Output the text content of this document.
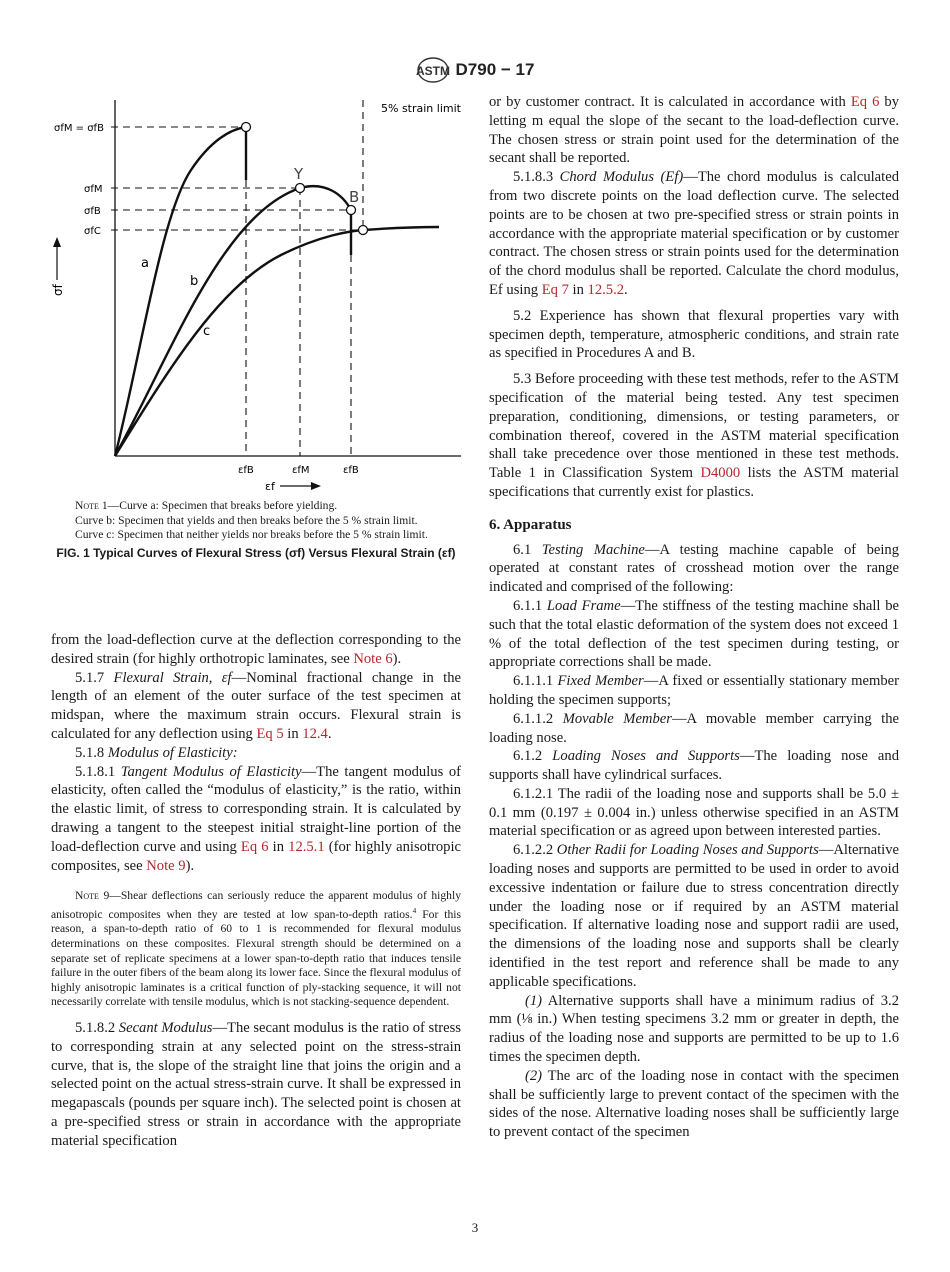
ASTM D790 − 17
σf
εf
5% strain limit
σfM = σfB
σfM
σfB
σfC
εfB	εfM	εfB
a
b
c
Y
B

Note 1—Curve a: Specimen that breaks before yielding.

Curve b: Specimen that yields and then breaks before the 5 % strain limit.

Curve c: Specimen that neither yields nor breaks before the 5 % strain limit.

FIG. 1 Typical Curves of Flexural Stress (σf) Versus Flexural Strain (εf)

from the load-deflection curve at the deflection corresponding to the desired strain (for highly orthotropic laminates, see Note 6).

5.1.7 Flexural Strain, εf—Nominal fractional change in the length of an element of the outer surface of the test specimen at midspan, where the maximum strain occurs. Flexural strain is calculated for any deflection using Eq 5 in 12.4.

5.1.8 Modulus of Elasticity:

5.1.8.1 Tangent Modulus of Elasticity—The tangent modulus of elasticity, often called the “modulus of elasticity,” is the ratio, within the elastic limit, of stress to corresponding strain. It is calculated by drawing a tangent to the steepest initial straight-line portion of the load-deflection curve and using Eq 6 in 12.5.1 (for highly anisotropic composites, see Note 9).

Note 9—Shear deflections can seriously reduce the apparent modulus of highly anisotropic composites when they are tested at low span-to-depth ratios.$^4$ For this reason, a span-to-depth ratio of 60 to 1 is recommended for flexural modulus determinations on these composites. Flexural strength should be determined on a separate set of replicate specimens at a lower span-to-depth ratio that induces tensile failure in the outer fibers of the beam along its lower face. Since the flexural modulus of highly anisotropic laminates is a critical function of ply-stacking sequence, it will not necessarily correlate with tensile modulus, which is not stacking-sequence dependent.

5.1.8.2 Secant Modulus—The secant modulus is the ratio of stress to corresponding strain at any selected point on the stress-strain curve, that is, the slope of the straight line that joins the origin and a selected point on the actual stress-strain curve. It shall be expressed in megapascals (pounds per square inch). The selected point is chosen at a pre-specified stress or strain in accordance with the appropriate material specification

or by customer contract. It is calculated in accordance with Eq 6 by letting m equal the slope of the secant to the load-deflection curve. The chosen stress or strain point used for the determination of the secant shall be reported.

5.1.8.3 Chord Modulus (Ef)—The chord modulus is calculated from two discrete points on the load deflection curve. The selected points are to be chosen at two pre-specified stress or strain points in accordance with the appropriate material specification or by customer contract. The chosen stress or strain points used for the determination of the chord modulus shall be reported. Calculate the chord modulus, Ef using Eq 7 in 12.5.2.

5.2 Experience has shown that flexural properties vary with specimen depth, temperature, atmospheric conditions, and strain rate as specified in Procedures A and B.

5.3 Before proceeding with these test methods, refer to the ASTM specification of the material being tested. Any test specimen preparation, conditioning, dimensions, or testing parameters, or combination thereof, covered in the ASTM material specification shall take precedence over those mentioned in these test methods. Table 1 in Classification System D4000 lists the ASTM material specifications that currently exist for plastics.

6. Apparatus

6.1 Testing Machine—A testing machine capable of being operated at constant rates of crosshead motion over the range indicated and comprised of the following:

6.1.1 Load Frame—The stiffness of the testing machine shall be such that the total elastic deformation of the system does not exceed 1 % of the total deflection of the test specimen during testing, or appropriate corrections shall be made.

6.1.1.1 Fixed Member—A fixed or essentially stationary member holding the specimen supports;

6.1.1.2 Movable Member—A movable member carrying the loading nose.

6.1.2 Loading Noses and Supports—The loading nose and supports shall have cylindrical surfaces.

6.1.2.1 The radii of the loading nose and supports shall be 5.0 ± 0.1 mm (0.197 ± 0.004 in.) unless otherwise specified in an ASTM material specification or as agreed upon between interested parties.

6.1.2.2 Other Radii for Loading Noses and Supports—Alternative loading noses and supports are permitted to be used in order to avoid excessive indentation or failure due to stress concentration directly under the loading nose or if required by an ASTM material specification. If alternative loading nose and support radii are used, the dimensions of the loading nose and supports shall be clearly identified in the test report and reference shall be made to any applicable specifications.

(1) Alternative supports shall have a minimum radius of 3.2 mm (⅛ in.) When testing specimens 3.2 mm or greater in depth, the radius of the loading nose and supports are permitted to be up to 1.6 times the specimen depth.

(2) The arc of the loading nose in contact with the specimen shall be sufficiently large to prevent contact of the specimen with the sides of the nose. Alternative loading noses shall be sufficiently large to prevent contact of the specimen

3
